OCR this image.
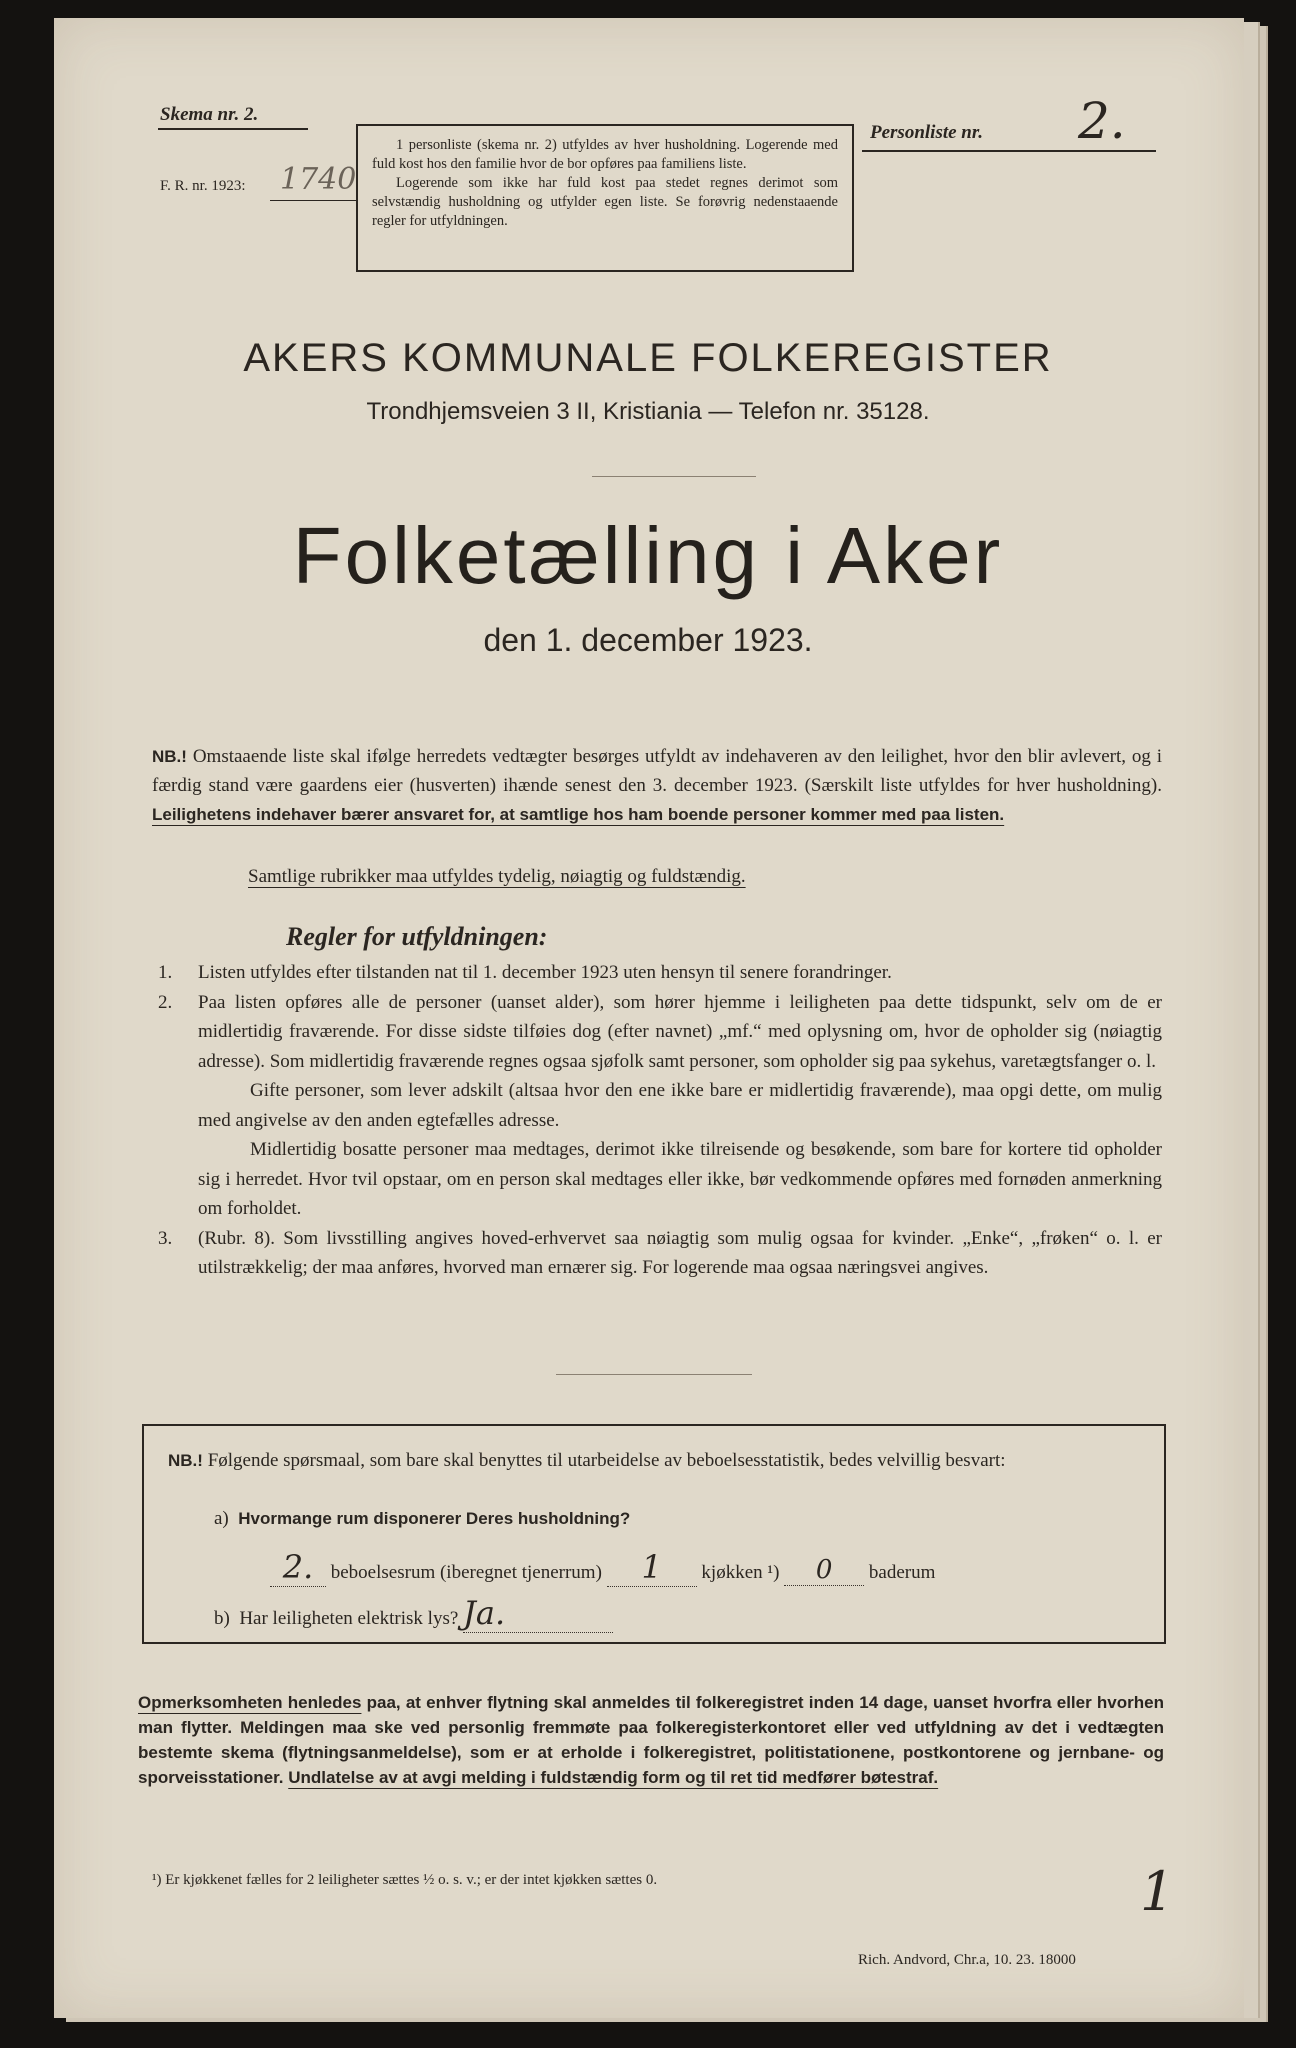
Skema nr. 2.
F. R. nr. 1923: 1740

1 personliste (skema nr. 2) utfyldes av hver husholdning. Logerende med fuld kost hos den familie hvor de bor opføres paa familiens liste.

Logerende som ikke har fuld kost paa stedet regnes derimot som selvstændig husholdning og utfylder egen liste. Se forøvrig nedenstaaende regler for utfyldningen.

Personliste nr. 2.
AKERS KOMMUNALE FOLKEREGISTER
Trondhjemsveien 3 II, Kristiania — Telefon nr. 35128.
Folketælling i Aker
den 1. december 1923.
NB.! Omstaaende liste skal ifølge herredets vedtægter besørges utfyldt av indehaveren av den leilighet, hvor den blir avlevert, og i færdig stand være gaardens eier (husverten) ihænde senest den 3. december 1923. (Særskilt liste utfyldes for hver husholdning). Leilighetens indehaver bærer ansvaret for, at samtlige hos ham boende personer kommer med paa listen.
Samtlige rubrikker maa utfyldes tydelig, nøiagtig og fuldstændig.
Regler for utfyldningen:
1. Listen utfyldes efter tilstanden nat til 1. december 1923 uten hensyn til senere forandringer.
2. Paa listen opføres alle de personer (uanset alder), som hører hjemme i leiligheten paa dette tidspunkt, selv om de er midlertidig fraværende. For disse sidste tilføies dog (efter navnet) „mf.“ med oplysning om, hvor de opholder sig (nøiagtig adresse). Som midlertidig fraværende regnes ogsaa sjøfolk samt personer, som opholder sig paa sykehus, varetægtsfanger o. l.
Gifte personer, som lever adskilt (altsaa hvor den ene ikke bare er midlertidig fraværende), maa opgi dette, om mulig med angivelse av den anden egtefælles adresse.
Midlertidig bosatte personer maa medtages, derimot ikke tilreisende og besøkende, som bare for kortere tid opholder sig i herredet. Hvor tvil opstaar, om en person skal medtages eller ikke, bør vedkommende opføres med fornøden anmerkning om forholdet.
3. (Rubr. 8). Som livsstilling angives hoved-erhvervet saa nøiagtig som mulig ogsaa for kvinder. „Enke“, „frøken“ o. l. er utilstrækkelig; der maa anføres, hvorved man ernærer sig. For logerende maa ogsaa næringsvei angives.
NB.! Følgende spørsmaal, som bare skal benyttes til utarbeidelse av beboelsesstatistik, bedes velvillig besvart:
a) Hvormange rum disponerer Deres husholdning?
2. beboelsesrum (iberegnet tjenerrum) 1 kjøkken ¹) 0 baderum
b) Har leiligheten elektrisk lys? Ja.
Opmerksomheten henledes paa, at enhver flytning skal anmeldes til folkeregistret inden 14 dage, uanset hvorfra eller hvorhen man flytter. Meldingen maa ske ved personlig fremmøte paa folkeregisterkontoret eller ved utfyldning av det i vedtægten bestemte skema (flytningsanmeldelse), som er at erholde i folkeregistret, politistationene, postkontorene og jernbane- og sporveisstationer. Undlatelse av at avgi melding i fuldstændig form og til ret tid medfører bøtestraf.
¹) Er kjøkkenet fælles for 2 leiligheter sættes ½ o. s. v.; er der intet kjøkken sættes 0.	1
Rich. Andvord, Chr.a, 10. 23. 18000
